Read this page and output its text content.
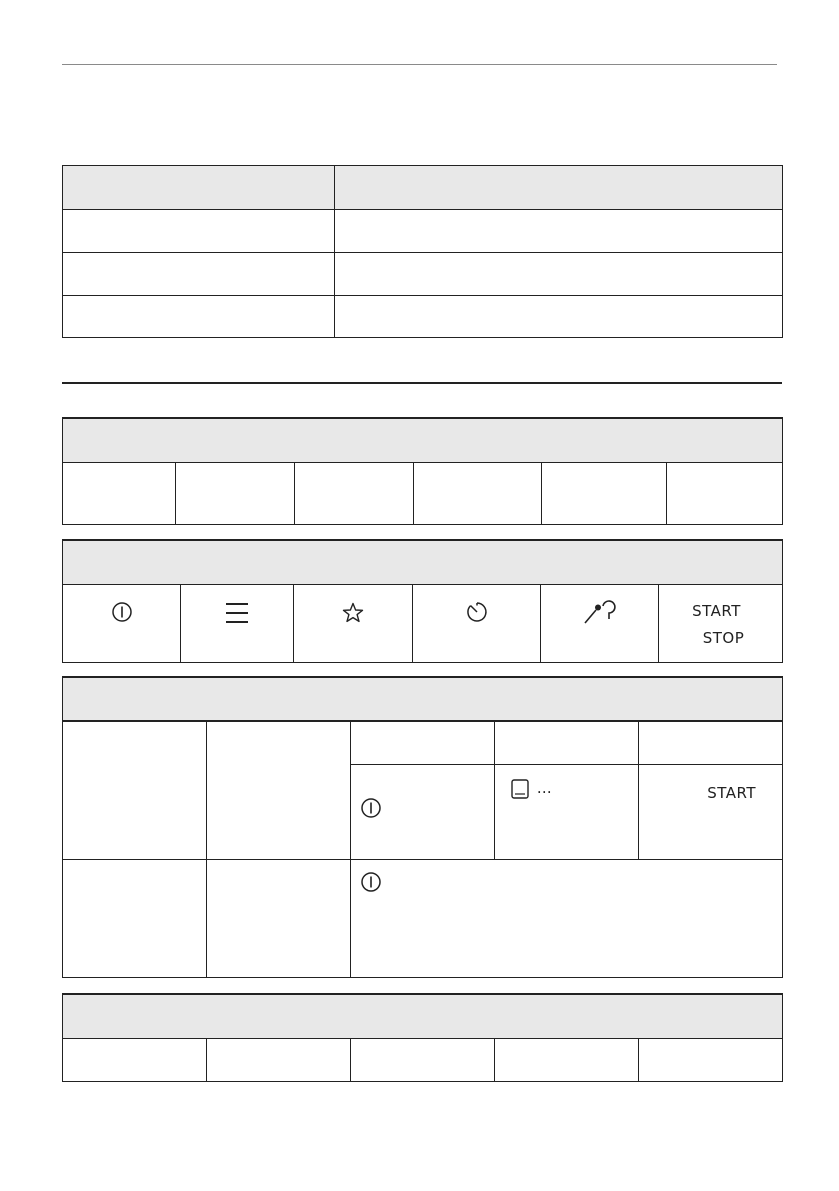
START
STOP

	…	START
